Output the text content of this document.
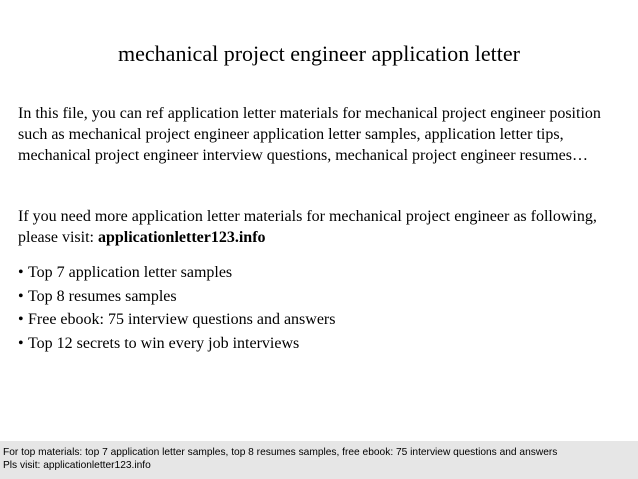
mechanical project engineer application letter
In this file, you can ref application letter materials for mechanical project engineer position such as mechanical project engineer application letter samples, application letter tips, mechanical project engineer interview questions, mechanical project engineer resumes…
If you need more application letter materials for mechanical project engineer as following, please visit: applicationletter123.info
• Top 7 application letter samples
• Top 8 resumes samples
• Free ebook: 75 interview questions and answers
• Top 12 secrets to win every job interviews
For top materials: top 7 application letter samples, top 8 resumes samples, free ebook: 75 interview questions and answers
Pls visit: applicationletter123.info
